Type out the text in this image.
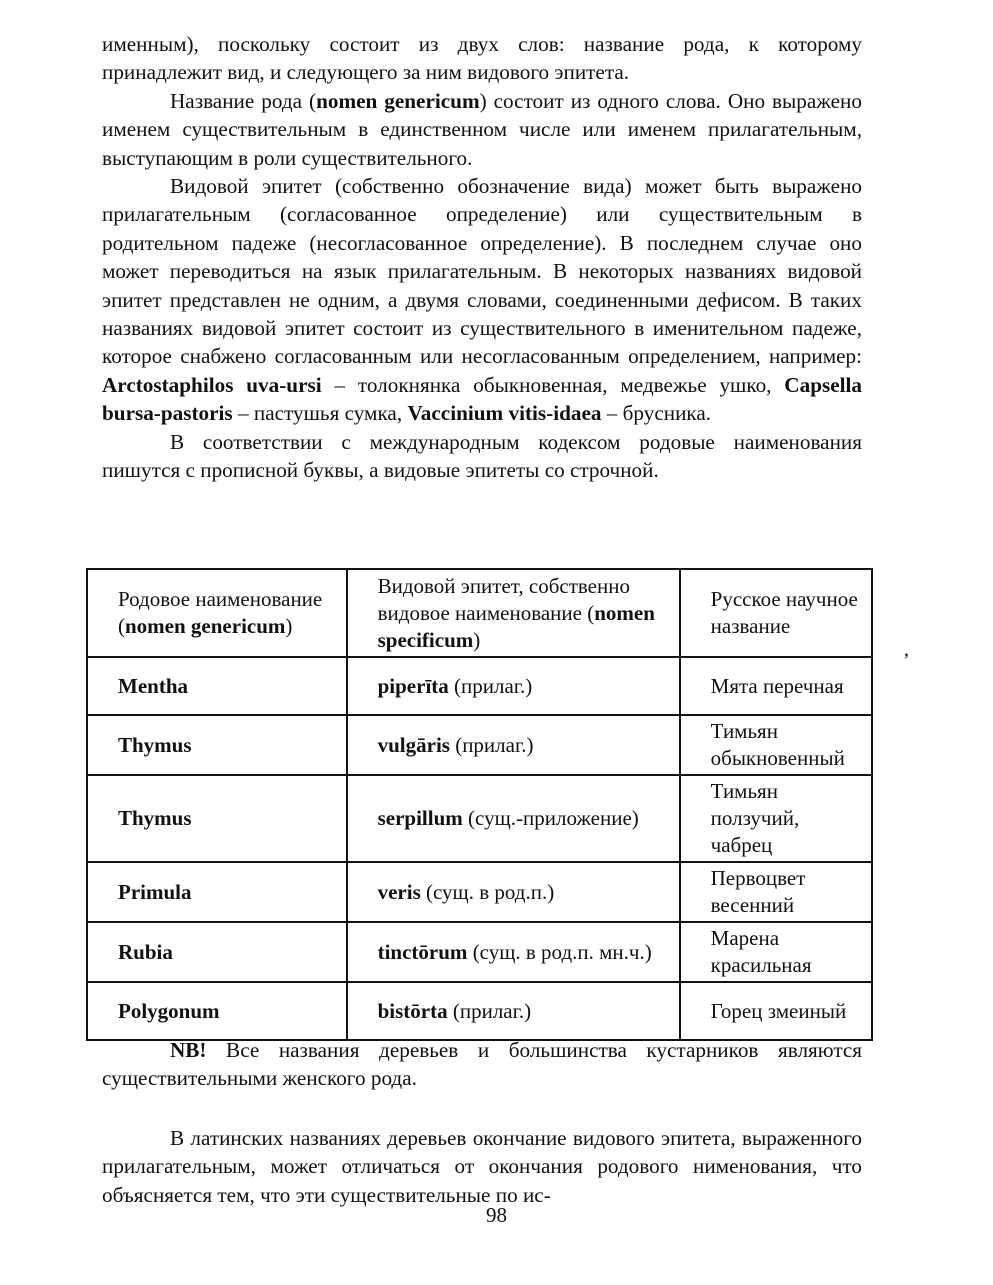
именным), поскольку состоит из двух слов: название рода, к которому принадлежит вид, и следующего за ним видового эпитета.

Название рода (nomen genericum) состоит из одного слова. Оно выражено именем существительным в единственном числе или именем прилагательным, выступающим в роли существительного.

Видовой эпитет (собственно обозначение вида) может быть выражено прилагательным (согласованное определение) или существительным в родительном падеже (несогласованное определение). В последнем случае оно может переводиться на язык прилагательным. В некоторых названиях видовой эпитет представлен не одним, а двумя словами, соединенными дефисом. В таких названиях видовой эпитет состоит из существительного в именительном падеже, которое снабжено согласованным или несогласованным определением, например: Arctostaphilos uva-ursi – толокнянка обыкновенная, медвежье ушко, Capsella bursa-pastoris – пастушья сумка, Vaccinium vitis-idaea – брусника.

В соответствии с международным кодексом родовые наименования пишутся с прописной буквы, а видовые эпитеты со строчной.

Родовое наименование (nomen genericum)	Видовой эпитет, собственно видовое наименование (nomen specificum)	Русское научное название
Mentha	piperīta (прилаг.)	Мята перечная
Thymus	vulgāris (прилаг.)	Тимьян обыкновенный
Thymus	serpillum (сущ.-приложение)	Тимьян ползучий, чабрец
Primula	veris (сущ. в род.п.)	Первоцвет весенний
Rubia	tinctōrum (сущ. в род.п. мн.ч.)	Марена красильная
Polygonum	bistōrta (прилаг.)	Горец змеиный
ʼ

NB! Все названия деревьев и большинства кустарников являются существительными женского рода.

В латинских названиях деревьев окончание видового эпитета, выраженного прилагательным, может отличаться от окончания родового нименования, что объясняется тем, что эти существительные по ис-

98
